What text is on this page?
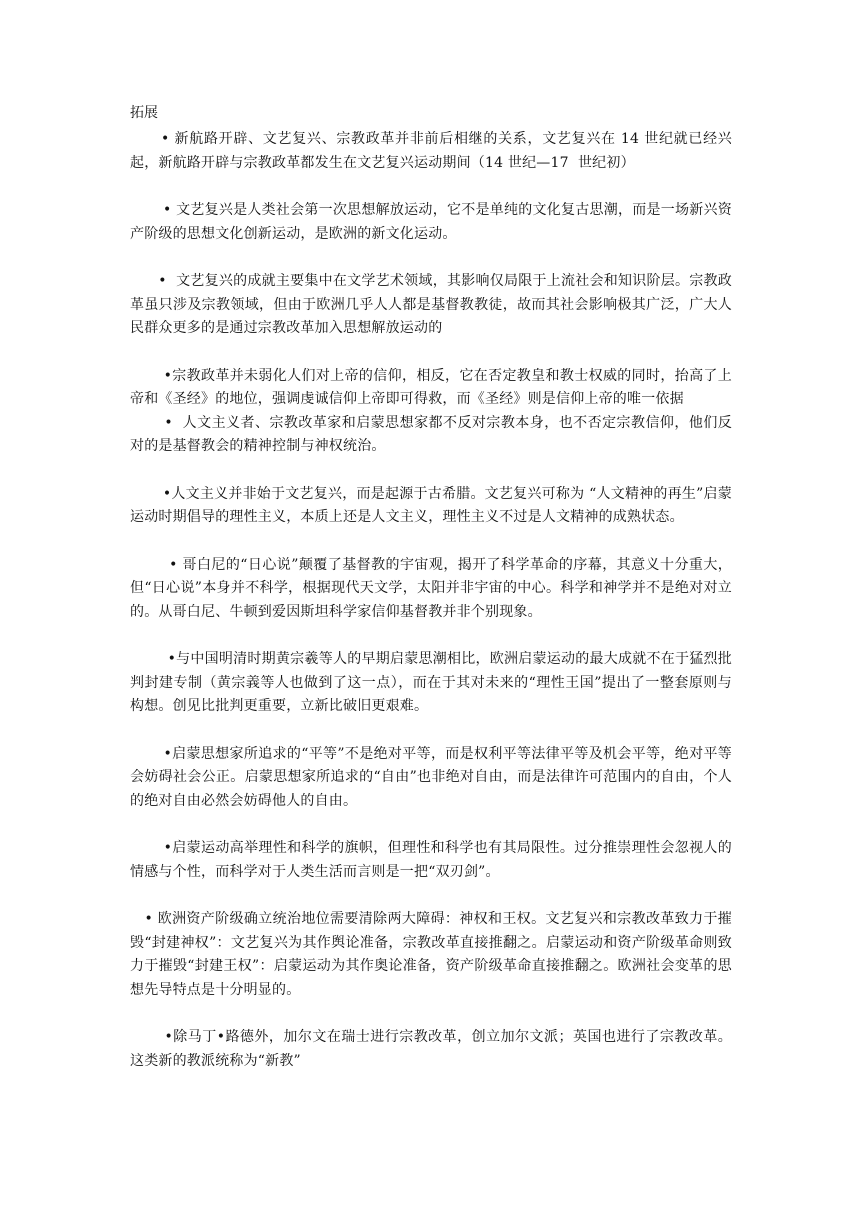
拓展

• 新航路开辟、文艺复兴、宗教政革并非前后相继的关系，文艺复兴在 14 世纪就已经兴起，新航路开辟与宗教政革都发生在文艺复兴运动期间（14 世纪—17  世纪初）

• 文艺复兴是人类社会第一次思想解放运动，它不是单纯的文化复古思潮，而是一场新兴资产阶级的思想文化创新运动，是欧洲的新文化运动。

•  文艺复兴的成就主要集中在文学艺术领域，其影响仅局限于上流社会和知识阶层。宗教政革虽只涉及宗教领域，但由于欧洲几乎人人都是基督教教徒，故而其社会影响极其广泛，广大人民群众更多的是通过宗教改革加入思想解放运动的

•宗教政革并未弱化人们对上帝的信仰，相反，它在否定教皇和教士权威的同时，抬高了上帝和《圣经》的地位，强调虔诚信仰上帝即可得救，而《圣经》则是信仰上帝的唯一依据

•  人文主义者、宗教改革家和启蒙思想家都不反对宗教本身，也不否定宗教信仰，他们反对的是基督教会的精神控制与神权统治。

•人文主义并非始于文艺复兴，而是起源于古希腊。文艺复兴可称为 “人文精神的再生”启蒙运动时期倡导的理性主义，本质上还是人文主义，理性主义不过是人文精神的成熟状态。

• 哥白尼的“日心说”颠覆了基督教的宇宙观，揭开了科学革命的序幕，其意义十分重大，但“日心说”本身并不科学，根据现代天文学，太阳并非宇宙的中心。科学和神学并不是绝对对立的。从哥白尼、牛顿到爱因斯坦科学家信仰基督教并非个别现象。

•与中国明清时期黄宗羲等人的早期启蒙思潮相比，欧洲启蒙运动的最大成就不在于猛烈批判封建专制（黄宗義等人也做到了这一点），而在于其对未来的“理性王国”提出了一整套原则与构想。创见比批判更重要，立新比破旧更艰难。

•启蒙思想家所追求的“平等”不是绝对平等，而是权利平等法律平等及机会平等，绝对平等会妨碍社会公正。启蒙思想家所追求的“自由”也非绝对自由，而是法律许可范围内的自由，个人的绝对自由必然会妨碍他人的自由。

•启蒙运动高举理性和科学的旗帜，但理性和科学也有其局限性。过分推崇理性会忽视人的情感与个性，而科学对于人类生活而言则是一把“双刃剑”。

• 欧洲资产阶级确立统治地位需要清除两大障碍：神权和王权。文艺复兴和宗教改革致力于摧毁“封建神权”：文艺复兴为其作舆论准备，宗教改革直接推翻之。启蒙运动和资产阶级革命则致力于摧毁“封建王权”：启蒙运动为其作奥论准备，资产阶级革命直接推翻之。欧洲社会变革的思想先导特点是十分明显的。

•除马丁•路德外，加尔文在瑞士进行宗教改革，创立加尔文派；英国也进行了宗教改革。这类新的教派统称为“新教”
